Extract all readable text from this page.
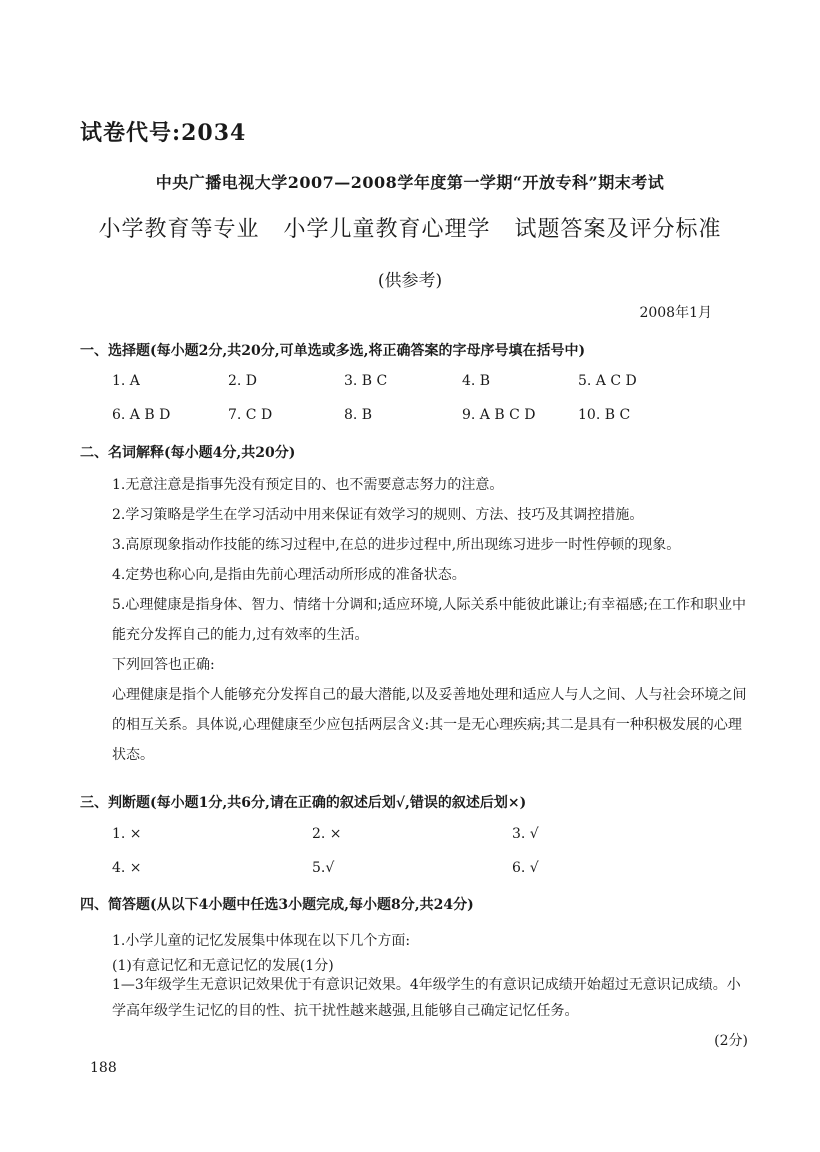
试卷代号:2034
中央广播电视大学2007—2008学年度第一学期“开放专科”期末考试
小学教育等专业 小学儿童教育心理学 试题答案及评分标准
(供参考)
2008年1月
一、选择题(每小题2分,共20分,可单选或多选,将正确答案的字母序号填在括号中)
1. A	2. D	3. B C	4. B	5. A C D
6. A B D	7. C D	8. B	9. A B C D	10. B C
二、名词解释(每小题4分,共20分)
1.无意注意是指事先没有预定目的、也不需要意志努力的注意。
2.学习策略是学生在学习活动中用来保证有效学习的规则、方法、技巧及其调控措施。
3.高原现象指动作技能的练习过程中,在总的进步过程中,所出现练习进步一时性停顿的现象。
4.定势也称心向,是指由先前心理活动所形成的准备状态。
5.心理健康是指身体、智力、情绪十分调和;适应环境,人际关系中能彼此谦让;有幸福感;在工作和职业中能充分发挥自己的能力,过有效率的生活。
下列回答也正确:
心理健康是指个人能够充分发挥自己的最大潜能,以及妥善地处理和适应人与人之间、人与社会环境之间的相互关系。具体说,心理健康至少应包括两层含义:其一是无心理疾病;其二是具有一种积极发展的心理状态。
三、判断题(每小题1分,共6分,请在正确的叙述后划√,错误的叙述后划×)
1. ×	2. ×	3. √
4. ×	5.√	6. √
四、简答题(从以下4小题中任选3小题完成,每小题8分,共24分)
1.小学儿童的记忆发展集中体现在以下几个方面:
(1)有意记忆和无意记忆的发展(1分)
1—3年级学生无意识记效果优于有意识记效果。4年级学生的有意识记成绩开始超过无意识记成绩。小学高年级学生记忆的目的性、抗干扰性越来越强,且能够自己确定记忆任务。
(2分)
188
